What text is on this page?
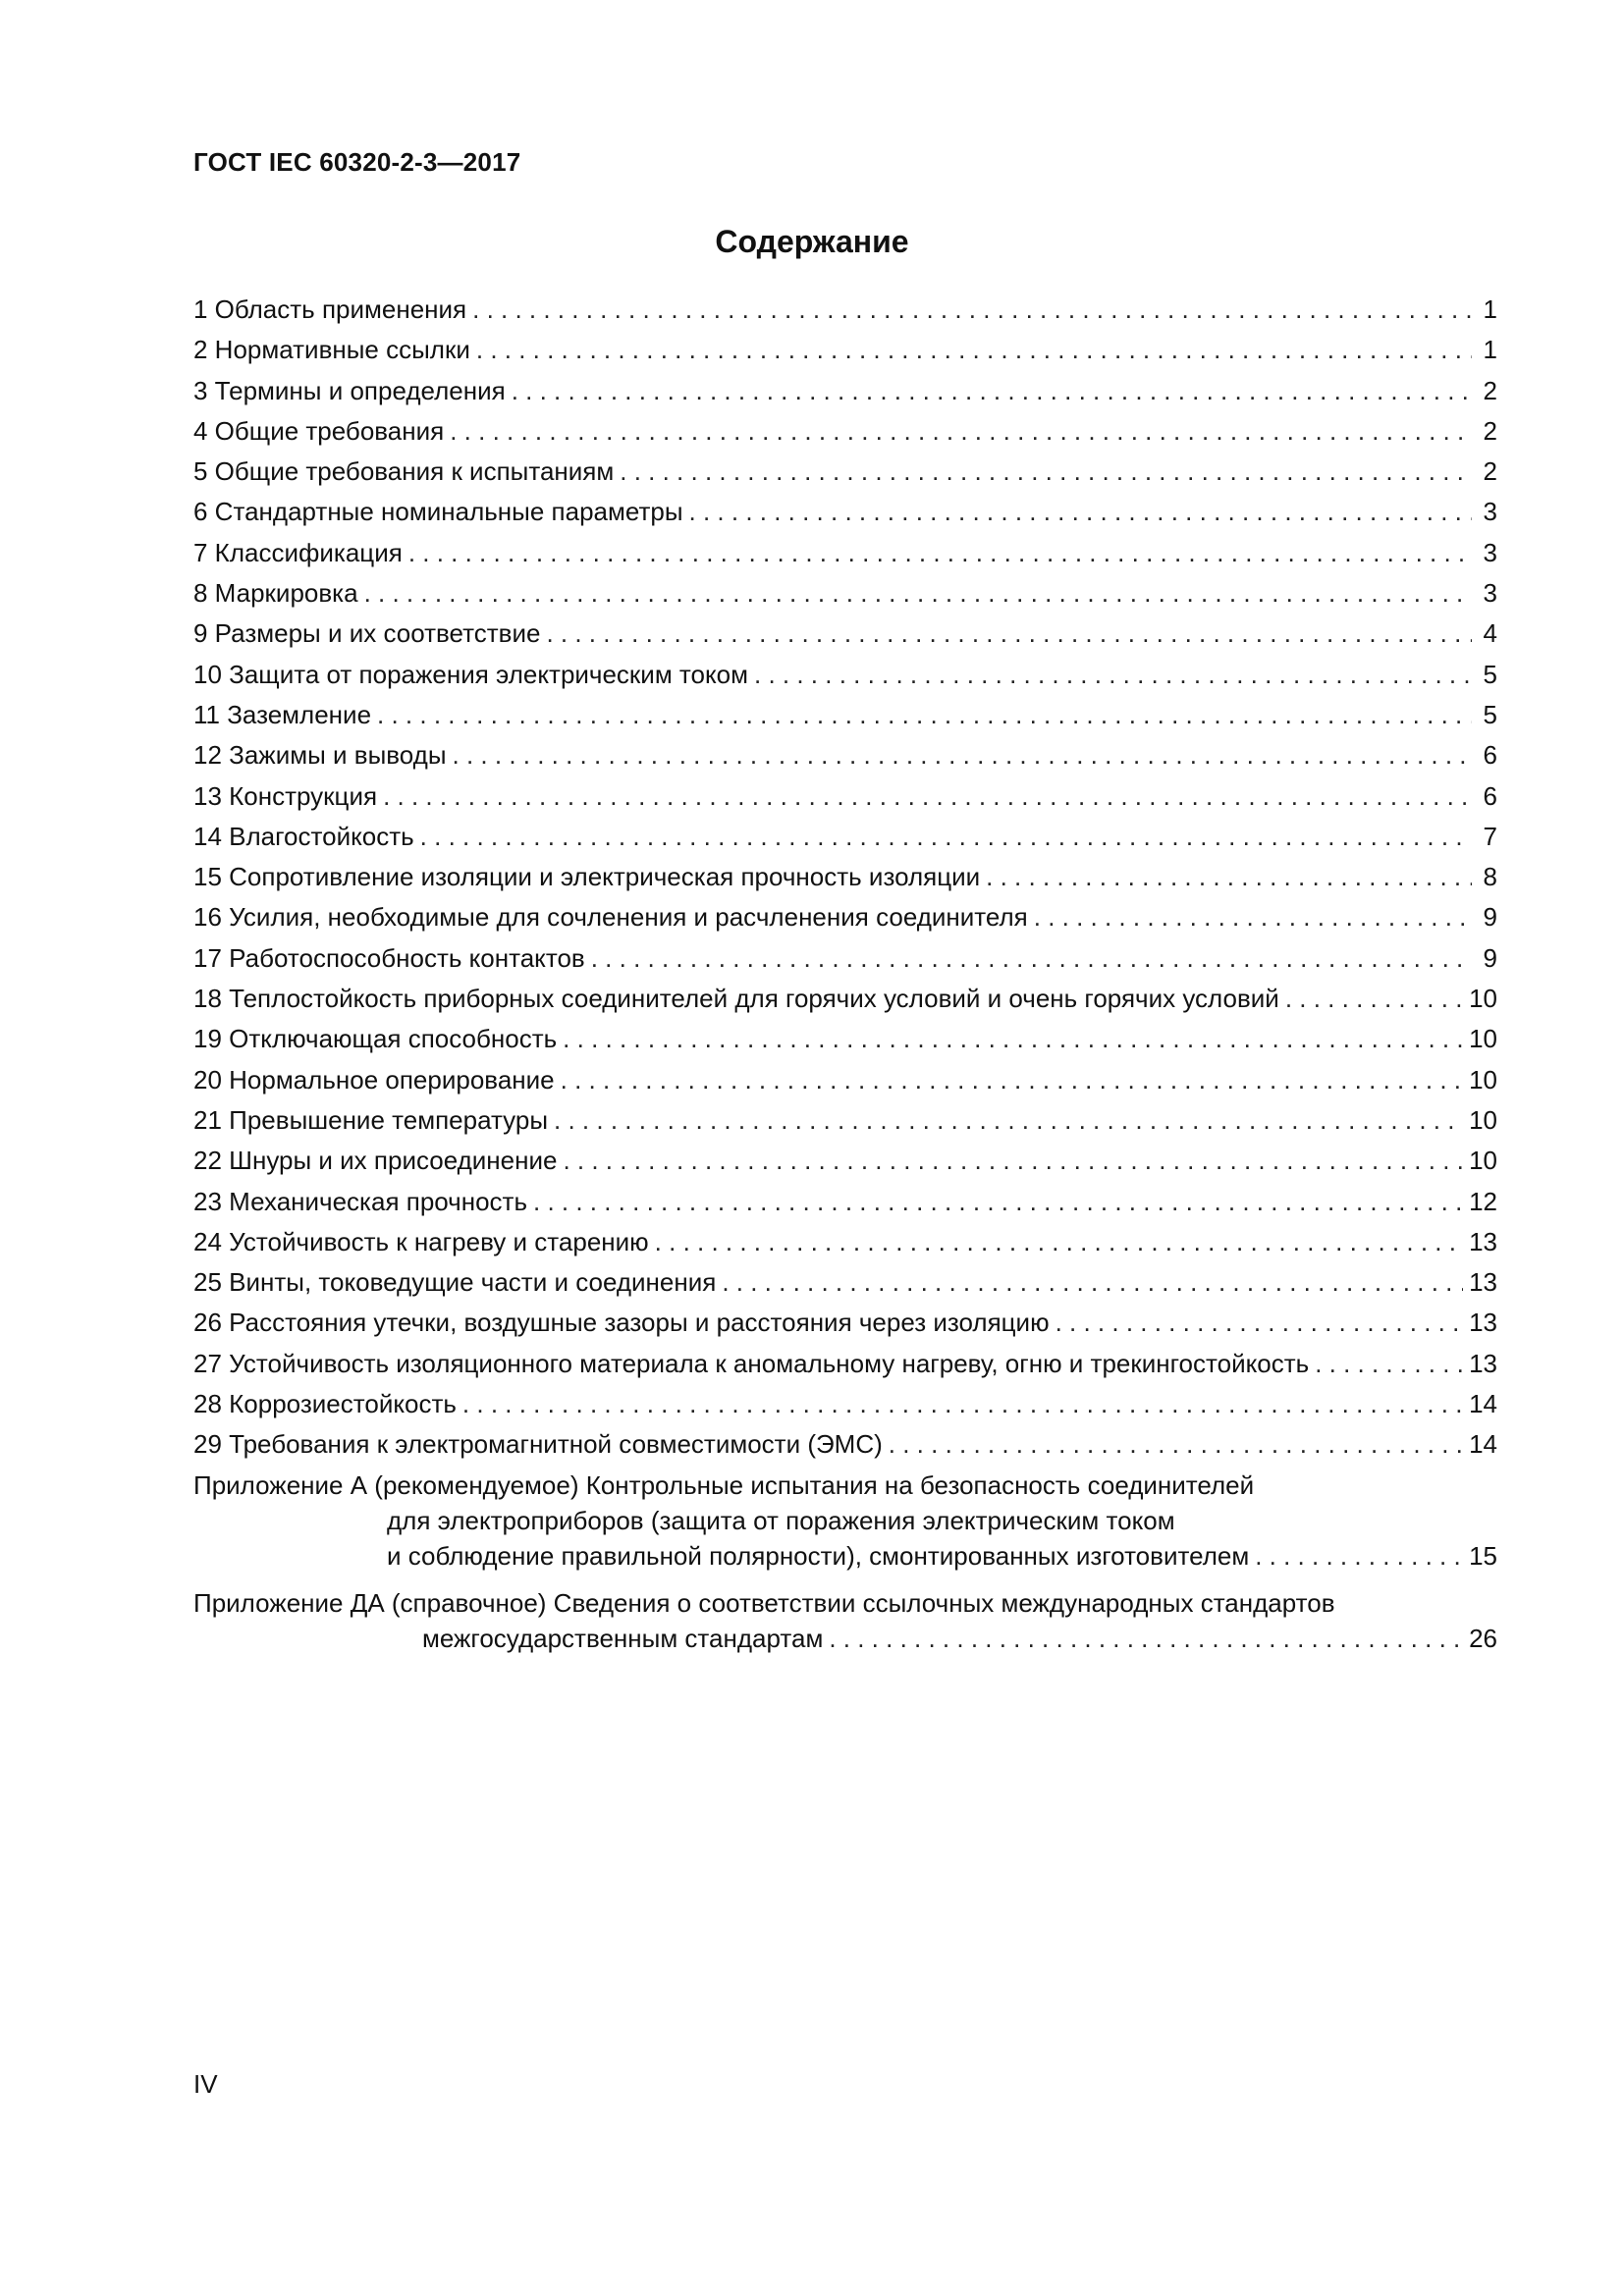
ГОСТ IEC 60320-2-3—2017
Содержание
1 Область применения . . .	1
2 Нормативные ссылки . . .	1
3 Термины и определения . . .	2
4 Общие требования . . .	2
5 Общие требования к испытаниям . . .	2
6 Стандартные номинальные параметры . . .	3
7 Классификация . . .	3
8 Маркировка . . .	3
9 Размеры и их соответствие . . .	4
10 Защита от поражения электрическим током . . .	5
11 Заземление . . .	5
12 Зажимы и выводы . . .	6
13 Конструкция . . .	6
14 Влагостойкость . . .	7
15 Сопротивление изоляции и электрическая прочность изоляции . . .	8
16 Усилия, необходимые для сочленения и расчленения соединителя . . .	9
17 Работоспособность контактов . . .	9
18 Теплостойкость приборных соединителей для горячих условий и очень горячих условий . . .	10
19 Отключающая способность . . .	10
20 Нормальное оперирование . . .	10
21 Превышение температуры . . .	10
22 Шнуры и их присоединение . . .	10
23 Механическая прочность . . .	12
24 Устойчивость к нагреву и старению . . .	13
25 Винты, токоведущие части и соединения . . .	13
26 Расстояния утечки, воздушные зазоры и расстояния через изоляцию . . .	13
27 Устойчивость изоляционного материала к аномальному нагреву, огню и трекингостойкость . . .	13
28 Коррозиестойкость . . .	14
29 Требования к электромагнитной совместимости (ЭМС) . . .	14
Приложение А (рекомендуемое) Контрольные испытания на безопасность соединителей
для электроприборов (защита от поражения электрическим током
и соблюдение правильной полярности), смонтированных изготовителем . . .	15
Приложение ДА (справочное) Сведения о соответствии ссылочных международных стандартов
межгосударственным стандартам . . .	26
IV
